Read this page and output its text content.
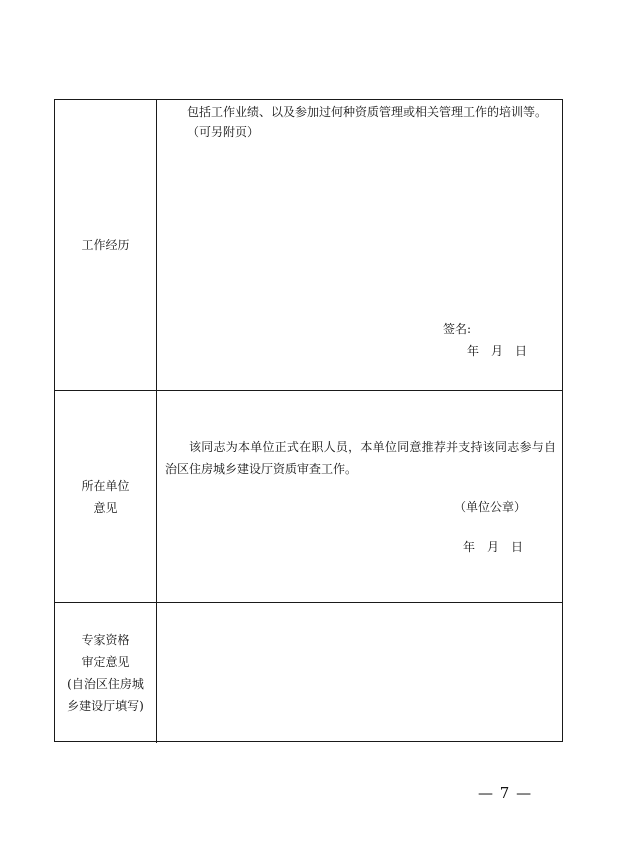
工作经历
包括工作业绩、以及参加过何种资质管理或相关管理工作的培训等。
（可另附页）
签名:
年　月　日
所在单位
意见
该同志为本单位正式在职人员，本单位同意推荐并支持该同志参与自治区住房城乡建设厅资质审查工作。
（单位公章）
年　月　日
专家资格
审定意见
(自治区住房城
乡建设厅填写)
— 7 —
